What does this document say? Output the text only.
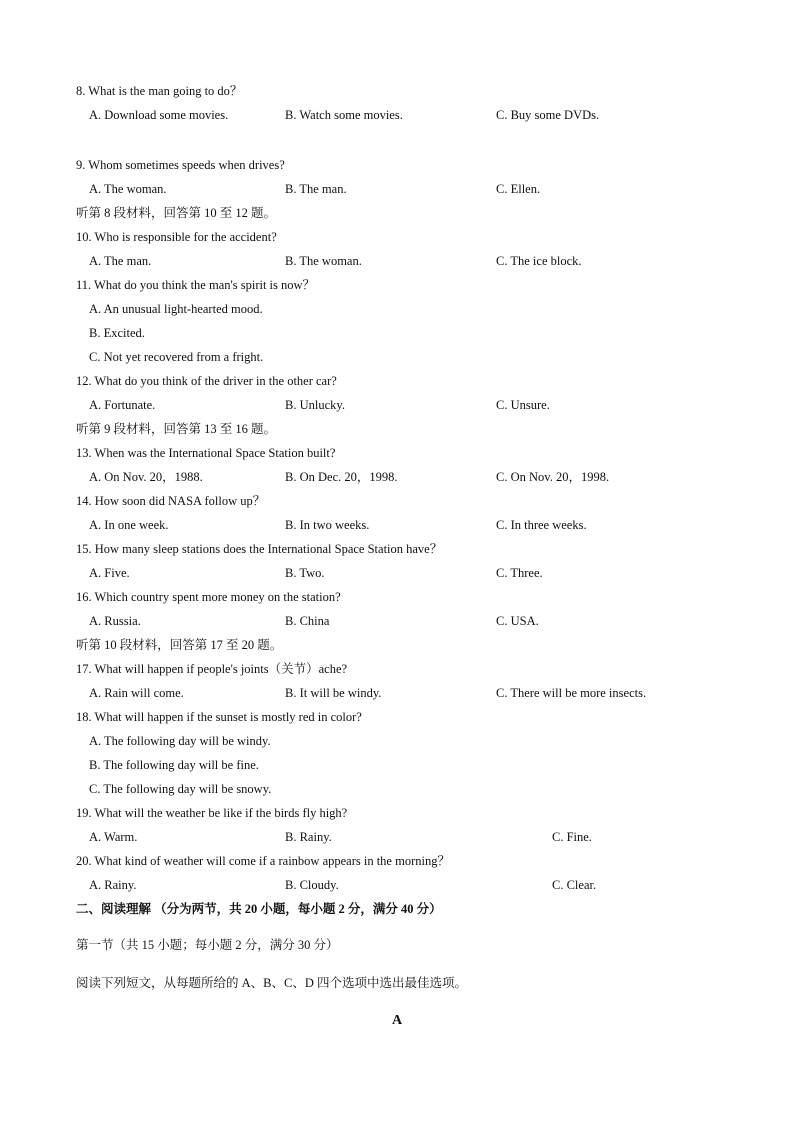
8. What is the man going to do？
A. Download some movies.	B. Watch some movies.	C. Buy some DVDs.
9. Whom sometimes speeds when drives?
A. The woman.	B. The man.	C. Ellen.
听第 8 段材料，回答第 10 至 12 题。
10. Who is responsible for the accident?
A. The man.	B. The woman.	C. The ice block.
11. What do you think the man's spirit is now？
A. An unusual light-hearted mood.
B. Excited.
C. Not yet recovered from a fright.
12. What do you think of the driver in the other car?
A. Fortunate.	B. Unlucky.	C. Unsure.
听第 9 段材料，回答第 13 至 16 题。
13. When was the International Space Station built?
A. On Nov. 20，1988.	B. On Dec. 20，1998.	C. On Nov. 20，1998.
14. How soon did NASA follow up？
A. In one week.	B. In two weeks.	C. In three weeks.
15. How many sleep stations does the International Space Station have？
A. Five.	B. Two.	C. Three.
16. Which country spent more money on the station?
A. Russia.	B. China	C. USA.
听第 10 段材料，回答第 17 至 20 题。
17. What will happen if people's joints（关节）ache?
A. Rain will come.	B. It will be windy.	C. There will be more insects.
18. What will happen if the sunset is mostly red in color?
A. The following day will be windy.
B. The following day will be fine.
C. The following day will be snowy.
19. What will the weather be like if the birds fly high?
A. Warm.	B. Rainy.	C. Fine.
20. What kind of weather will come if a rainbow appears in the morning？
A. Rainy.	B. Cloudy.	C. Clear.
二、阅读理解 （分为两节，共 20 小题，每小题 2 分，满分 40 分）
第一节（共 15 小题；每小题 2 分，满分 30 分）
阅读下列短文，从每题所给的 A、B、C、D 四个选项中选出最佳选项。
A
